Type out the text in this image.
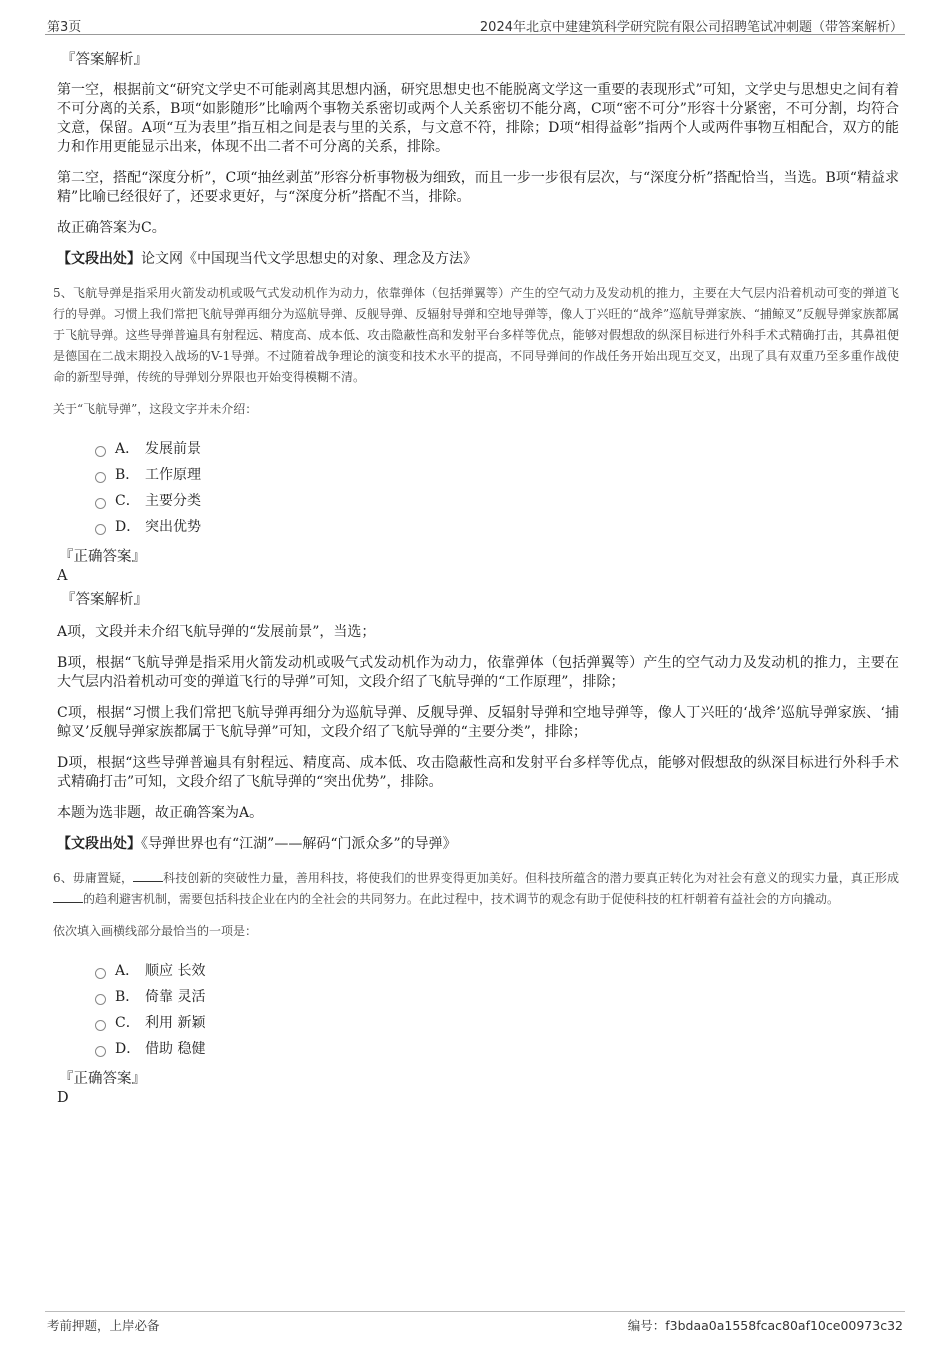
第3页	2024年北京中建建筑科学研究院有限公司招聘笔试冲刺题（带答案解析）
『答案解析』

第一空，根据前文“研究文学史不可能剥离其思想内涵，研究思想史也不能脱离文学这一重要的表现形式”可知，文学史与思想史之间有着不可分离的关系，B项“如影随形”比喻两个事物关系密切或两个人关系密切不能分离，C项“密不可分”形容十分紧密，不可分割，均符合文意，保留。A项“互为表里”指互相之间是表与里的关系，与文意不符，排除；D项“相得益彰”指两个人或两件事物互相配合，双方的能力和作用更能显示出来，体现不出二者不可分离的关系，排除。

第二空，搭配“深度分析”，C项“抽丝剥茧”形容分析事物极为细致，而且一步一步很有层次，与“深度分析”搭配恰当，当选。B项“精益求精”比喻已经很好了，还要求更好，与“深度分析”搭配不当，排除。

故正确答案为C。

【文段出处】论文网《中国现当代文学思想史的对象、理念及方法》

5、飞航导弹是指采用火箭发动机或吸气式发动机作为动力，依靠弹体（包括弹翼等）产生的空气动力及发动机的推力，主要在大气层内沿着机动可变的弹道飞行的导弹。习惯上我们常把飞航导弹再细分为巡航导弹、反舰导弹、反辐射导弹和空地导弹等，像人丁兴旺的“战斧”巡航导弹家族、“捕鲸叉”反舰导弹家族都属于飞航导弹。这些导弹普遍具有射程远、精度高、成本低、攻击隐蔽性高和发射平台多样等优点，能够对假想敌的纵深目标进行外科手术式精确打击，其鼻祖便是德国在二战末期投入战场的V-1导弹。不过随着战争理论的演变和技术水平的提高，不同导弹间的作战任务开始出现互交叉，出现了具有双重乃至多重作战使命的新型导弹，传统的导弹划分界限也开始变得模糊不清。

关于“飞航导弹”，这段文字并未介绍：
A． 发展前景
B． 工作原理
C． 主要分类
D． 突出优势
『正确答案』
A
『答案解析』

A项，文段并未介绍飞航导弹的“发展前景”，当选；

B项，根据“飞航导弹是指采用火箭发动机或吸气式发动机作为动力，依靠弹体（包括弹翼等）产生的空气动力及发动机的推力，主要在大气层内沿着机动可变的弹道飞行的导弹”可知，文段介绍了飞航导弹的“工作原理”，排除；

C项，根据“习惯上我们常把飞航导弹再细分为巡航导弹、反舰导弹、反辐射导弹和空地导弹等，像人丁兴旺的‘战斧’巡航导弹家族、‘捕鲸叉’反舰导弹家族都属于飞航导弹”可知，文段介绍了飞航导弹的“主要分类”，排除；

D项，根据“这些导弹普遍具有射程远、精度高、成本低、攻击隐蔽性高和发射平台多样等优点，能够对假想敌的纵深目标进行外科手术式精确打击”可知，文段介绍了飞航导弹的“突出优势”，排除。

本题为选非题，故正确答案为A。

【文段出处】《导弹世界也有“江湖”——解码“门派众多”的导弹》

6、毋庸置疑，	科技创新的突破性力量，善用科技，将使我们的世界变得更加美好。但科技所蕴含的潜力要真正转化为对社会有意义的现实力量，真正形成的趋利避害机制，需要包括科技企业在内的全社会的共同努力。在此过程中，技术调节的观念有助于促使科技的杠杆朝着有益社会的方向撬动。

依次填入画横线部分最恰当的一项是：
A． 顺应 长效
B． 倚靠 灵活
C． 利用 新颖
D． 借助 稳健
『正确答案』
D
考前押题，上岸必备	编号：f3bdaa0a1558fcac80af10ce00973c32
